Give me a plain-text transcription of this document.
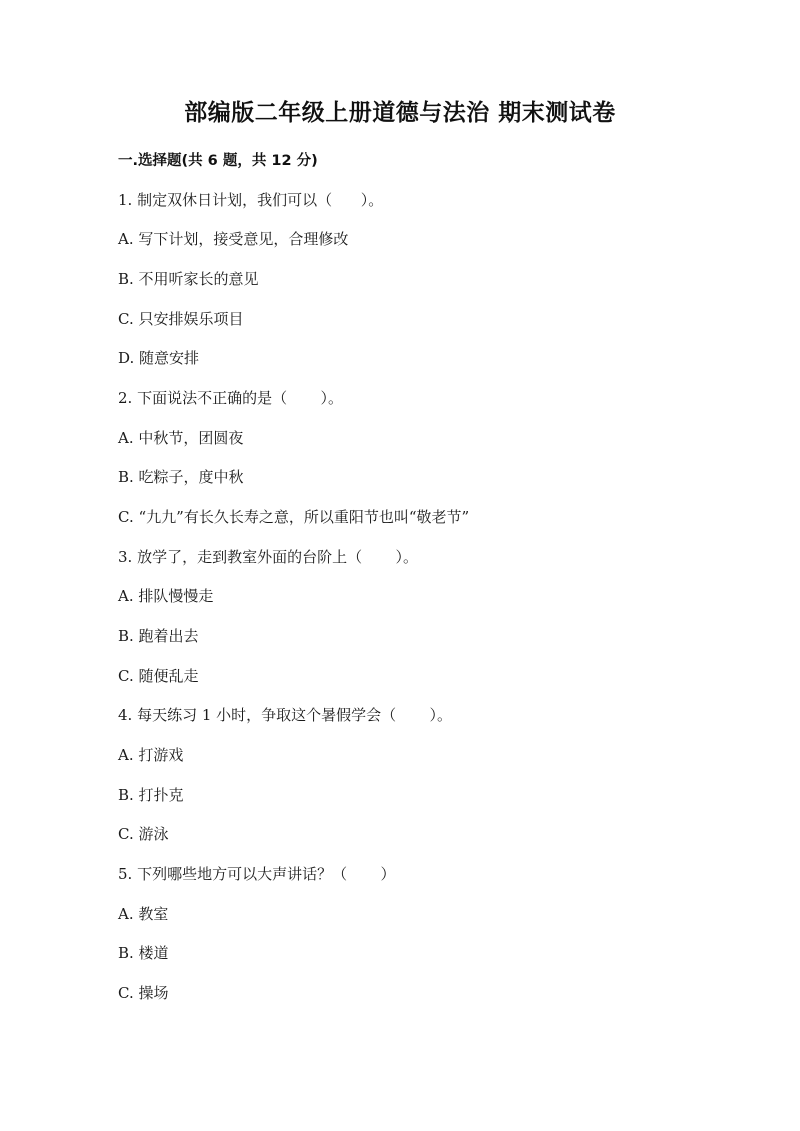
部编版二年级上册道德与法治 期末测试卷
一.选择题(共 6 题，共 12 分)
1. 制定双休日计划，我们可以（      ）。
A. 写下计划，接受意见，合理修改
B. 不用听家长的意见
C. 只安排娱乐项目
D. 随意安排
2. 下面说法不正确的是（       ）。
A. 中秋节，团圆夜
B. 吃粽子，度中秋
C. “九九”有长久长寿之意，所以重阳节也叫“敬老节”
3. 放学了，走到教室外面的台阶上（       ）。
A. 排队慢慢走
B. 跑着出去
C. 随便乱走
4. 每天练习 1 小时，争取这个暑假学会（       ）。
A. 打游戏
B. 打扑克
C. 游泳
5. 下列哪些地方可以大声讲话？（       ）
A. 教室
B. 楼道
C. 操场
